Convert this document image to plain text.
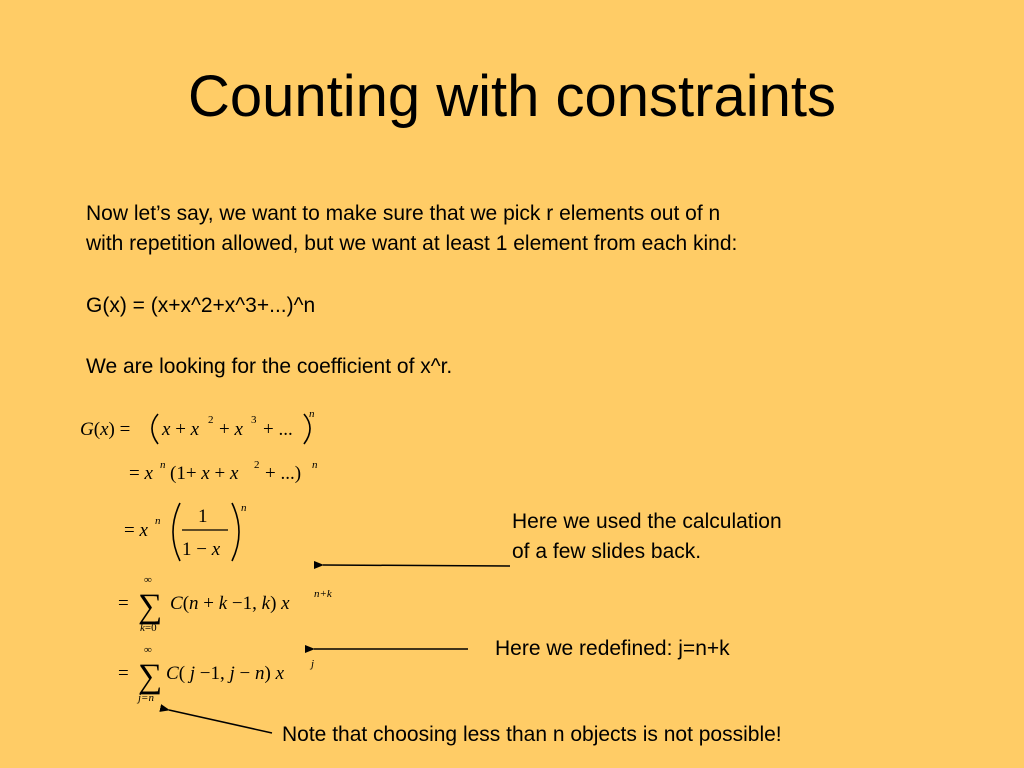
Counting with constraints
Now let’s say, we want to make sure that we pick r elements out of n
with repetition allowed, but we want at least 1 element from each kind:
G(x) = (x+x^2+x^3+...)^n
We are looking for the coefficient of x^r.
Here we used the calculation
of a few slides back.
Here we redefined: j=n+k
Note that choosing less than n objects is not possible!
G(x) = x + x 2 + x 3 + ...
n
= x n (1+ x + x 2 + ...) n
= x n 1
1 − x
n
=
∞
∑
k=0
C(n + k −1, k) x n+k
=
∞
∑
j=n
C( j −1, j − n) x j
